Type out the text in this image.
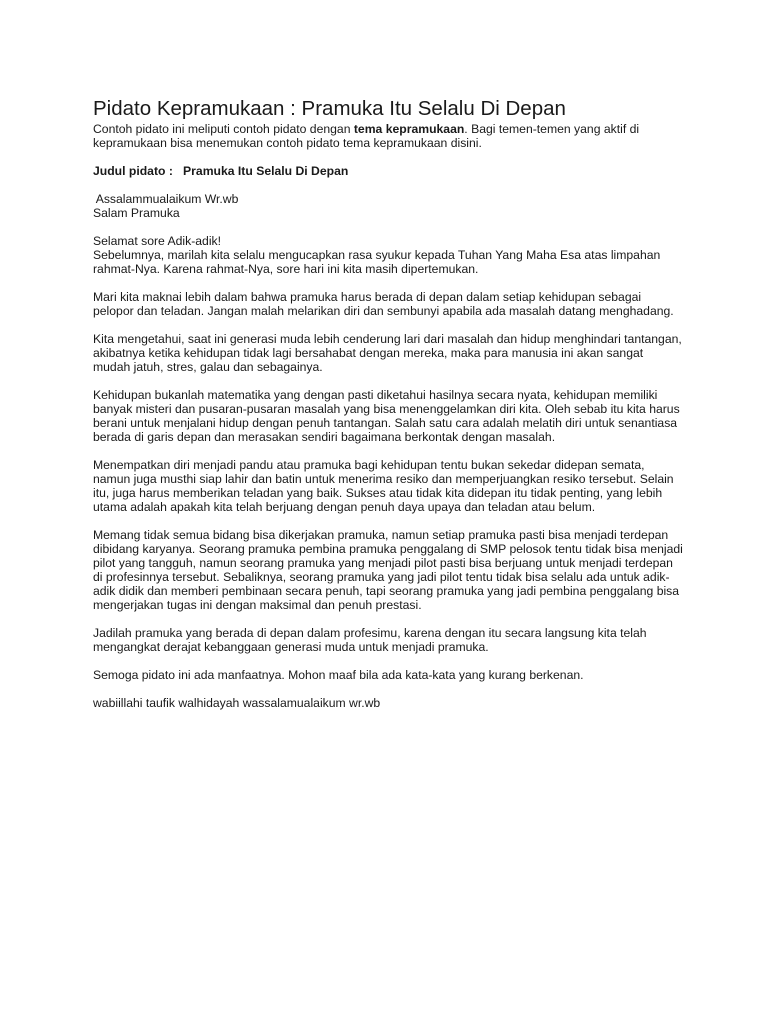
Pidato Kepramukaan : Pramuka Itu Selalu Di Depan

Contoh pidato ini meliputi contoh pidato dengan tema kepramukaan. Bagi temen-temen yang aktif di kepramukaan bisa menemukan contoh pidato tema kepramukaan disini.

Judul pidato :   Pramuka Itu Selalu Di Depan

Assalammualaikum Wr.wb

Salam Pramuka

Selamat sore Adik-adik!

Sebelumnya, marilah kita selalu mengucapkan rasa syukur kepada Tuhan Yang Maha Esa atas limpahan rahmat-Nya. Karena rahmat-Nya, sore hari ini kita masih dipertemukan.

Mari kita maknai lebih dalam bahwa pramuka harus berada di depan dalam setiap kehidupan sebagai pelopor dan teladan. Jangan malah melarikan diri dan sembunyi apabila ada masalah datang menghadang.

Kita mengetahui, saat ini generasi muda lebih cenderung lari dari masalah dan hidup menghindari tantangan, akibatnya ketika kehidupan tidak lagi bersahabat dengan mereka, maka para manusia ini akan sangat mudah jatuh, stres, galau dan sebagainya.

Kehidupan bukanlah matematika yang dengan pasti diketahui hasilnya secara nyata, kehidupan memiliki banyak misteri dan pusaran-pusaran masalah yang bisa menenggelamkan diri kita. Oleh sebab itu kita harus berani untuk menjalani hidup dengan penuh tantangan. Salah satu cara adalah melatih diri untuk senantiasa berada di garis depan dan merasakan sendiri bagaimana berkontak dengan masalah.

Menempatkan diri menjadi pandu atau pramuka bagi kehidupan tentu bukan sekedar didepan semata, namun juga musthi siap lahir dan batin untuk menerima resiko dan memperjuangkan resiko tersebut. Selain itu, juga harus memberikan teladan yang baik. Sukses atau tidak kita didepan itu tidak penting, yang lebih utama adalah apakah kita telah berjuang dengan penuh daya upaya dan teladan atau belum.

Memang tidak semua bidang bisa dikerjakan pramuka, namun setiap pramuka pasti bisa menjadi terdepan dibidang karyanya. Seorang pramuka pembina pramuka penggalang di SMP pelosok tentu tidak bisa menjadi pilot yang tangguh, namun seorang pramuka yang menjadi pilot pasti bisa berjuang untuk menjadi terdepan di profesinnya tersebut. Sebaliknya, seorang pramuka yang jadi pilot tentu tidak bisa selalu ada untuk adik-adik didik dan memberi pembinaan secara penuh, tapi seorang pramuka yang jadi pembina penggalang bisa mengerjakan tugas ini dengan maksimal dan penuh prestasi.

Jadilah pramuka yang berada di depan dalam profesimu, karena dengan itu secara langsung kita telah mengangkat derajat kebanggaan generasi muda untuk menjadi pramuka.

Semoga pidato ini ada manfaatnya. Mohon maaf bila ada kata-kata yang kurang berkenan.

wabiillahi taufik walhidayah wassalamualaikum wr.wb
